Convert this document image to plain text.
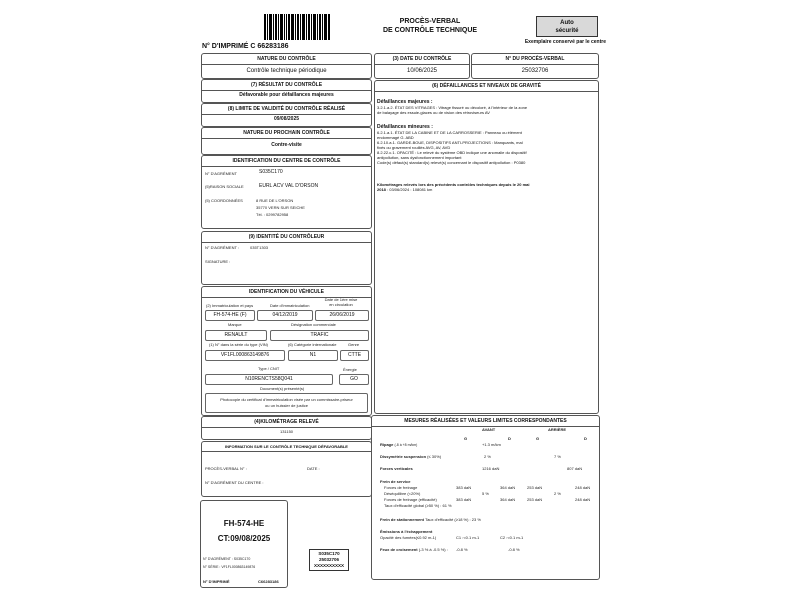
PROCÈS-VERBAL
DE CONTRÔLE TECHNIQUE
Auto
sécurité
Exemplaire conservé par le centre
N° D'IMPRIMÉ C 66283186
NATURE DU CONTRÔLE
Contrôle technique périodique
(3) DATE DU CONTRÔLE
10/06/2025
N° DU PROCÈS-VERBAL
25032706
(7) RÉSULTAT DU CONTRÔLE
Défavorable pour défaillances majeures
(8) LIMITE DE VALIDITÉ DU CONTRÔLE RÉALISÉ
09/08/2025
NATURE DU PROCHAIN CONTRÔLE
Contre-visite
IDENTIFICATION DU CENTRE DE CONTRÔLE
N° D'AGRÉMENT	S035C170
(5)RAISON SOCIALE	EURL ACV VAL D'ORSON
(5) COORDONNÉES	8 RUE DE L'ORSON
35770 VERN SUR SEICHE
Tél. : 0299782958
(9) IDENTITÉ DU CONTRÔLEUR
N° D'AGRÉMENT :	035T1303
SIGNATURE :
IDENTIFICATION DU VÉHICULE
(2) Immatriculation et pays	Date d'immatriculation
Date de 1ère mise
en circulation
FH-574-HE (F)	04/12/2019	26/06/2019
Marque	Désignation commerciale
RENAULT	TRAFIC
(1) N° dans la série du type (VIN)	(6) Catégorie internationale	Genre
VF1FL000863149876	N1	CTTE
Type / CNIT	Énergie
N10RENCTS58Q041	GO
Document(s) présenté(s)
Photocopie du certificat d'immatriculation visée par un commissaire-priseur
ou un huissier de justice
(4)KILOMÉTRAGE RELEVÉ
131150
INFORMATION SUR LE CONTRÔLE TECHNIQUE DÉFAVORABLE
PROCÈS-VERBAL N° :	DATE :
N° D'AGRÉMENT DU CENTRE :
FH-574-HE
CT:09/08/2025
N° D'AGRÉMENT : S035C170
N° SÉRIE : VF1FL000863149876
N° D'IMPRIMÉ	C66283186
S035C170
25032706
XXXXXXXXXX
(6) DÉFAILLANCES ET NIVEAUX DE GRAVITÉ
Défaillances majeures :
3.2.1.a.2. ÉTAT DES VITRAGES : Vitrage fissuré ou décoloré, à l'intérieur de la zone
de balayage des essuie-glaces ou de vision des rétroviseurs AV
Défaillances mineures :
6.2.1.a.1. ÉTAT DE LA CABINE ET DE LA CARROSSERIE : Panneau ou élément
endommagé G. ABD
6.2.10.a.1. GARDE-BOUE, DISPOSITIFS ANTI-PROJECTIONS : Manquants, mal
fixés ou gravement rouillés AVG, AV, AVD
8.2.22.c.1. OPACITÉ : Le relevé du système OBD indique une anomalie du dispositif
antipollution, sans dysfonctionnement important
Code(s) défaut(s) standard(s) relevé(s) concernant le dispositif antipollution : P0380
Kilométrages relevés lors des précédents contrôles techniques depuis le 20 mai
2018 : 03/06/2024 : 108081 km
MESURES RÉALISÉES ET VALEURS LIMITES CORRESPONDANTES
AVANT	ARRIÈRE
G	D	G	D
Ripage (-8 à +8 m/km)	+1.3 m/km
Dissymétrie suspension (≤ 30%)	2 %	7 %
Forces verticales	1216 daN	807 daN
Frein de service
Forces de freinage	383 daN	364 daN	253 daN	248 daN
Déséquilibre (<20%)	5 %	2 %
Forces de freinage (efficacité)	383 daN	364 daN	253 daN	248 daN
Taux d'efficacité global (≥50 %) : 61 %
Frein de stationnement Taux d'efficacité (≥18 %) : 23 %
Émissions à l'échappement
Opacité des fumées(≤0.92 m-1)	C1 :<0.1 m-1	C2 :<0.1 m-1
Feux de croisement (-3 % à -0.5 %) : -0.8 %	-0.8 %
